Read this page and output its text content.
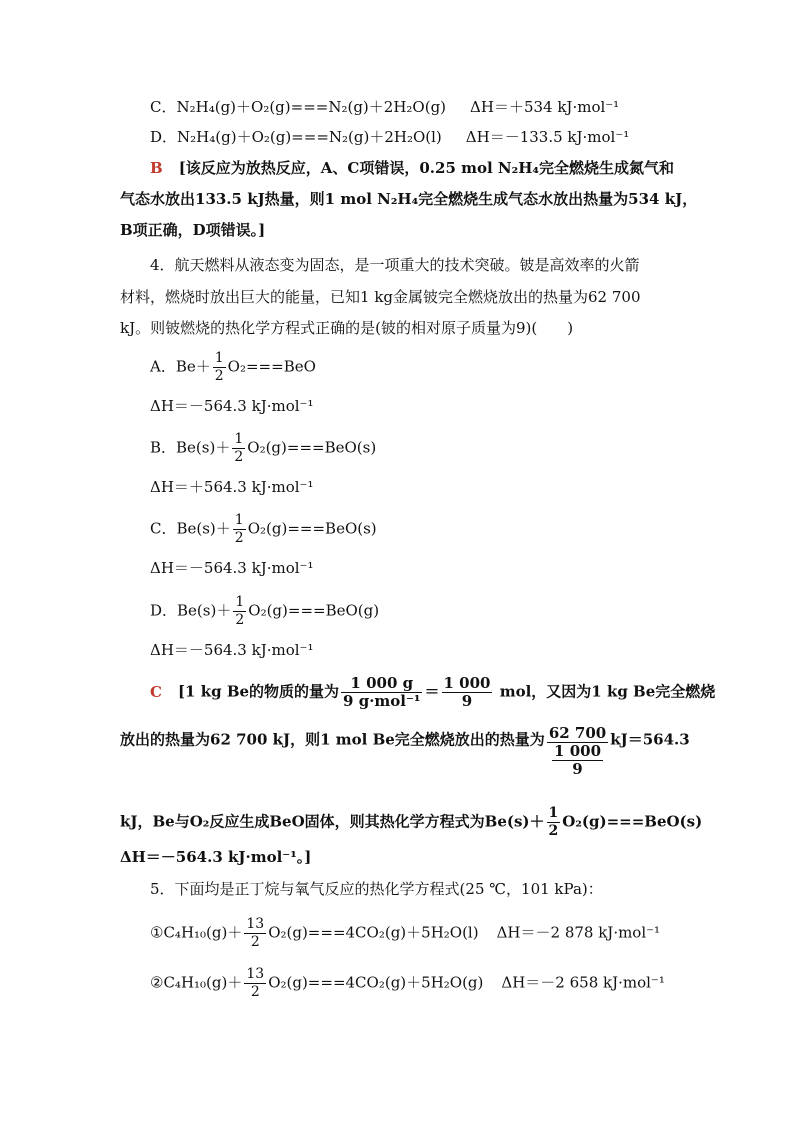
C．N₂H₄(g)＋O₂(g)===N₂(g)＋2H₂O(g) ΔH＝＋534 kJ·mol⁻¹
D．N₂H₄(g)＋O₂(g)===N₂(g)＋2H₂O(l) ΔH＝－133.5 kJ·mol⁻¹
B [该反应为放热反应，A、C项错误，0.25 mol N₂H₄完全燃烧生成氮气和
气态水放出133.5 kJ热量，则1 mol N₂H₄完全燃烧生成气态水放出热量为534 kJ，
B项正确，D项错误。]
4．航天燃料从液态变为固态，是一项重大的技术突破。铍是高效率的火箭
材料，燃烧时放出巨大的能量，已知1 kg金属铍完全燃烧放出的热量为62 700
kJ。则铍燃烧的热化学方程式正确的是(铍的相对原子质量为9)(　　)
A．$Be+ \frac{1}{2} O_2===BeO$
ΔH＝－564.3 kJ·mol⁻¹
B．$Be(s)+ \frac{1}{2} O_2(g)===BeO(s)$
ΔH＝＋564.3 kJ·mol⁻¹
C．$Be(s)+ \frac{1}{2} O_2(g)===BeO(s)$
ΔH＝－564.3 kJ·mol⁻¹
D．$Be(s)+ \frac{1}{2} O_2(g)===BeO(g)$
ΔH＝－564.3 kJ·mol⁻¹
C [1 kg Be的物质的量为 $\frac{1 000 g}{\text{9 g·mol⁻¹}} = \frac{1 000}{9}$ mol，又因为1 kg Be完全燃烧
放出的热量为62 700 kJ，则1 mol Be完全燃烧放出的热量为 $\frac{62 700}{\frac{1 000}{9}} kJ=564.3$
kJ，Be与O₂反应生成BeO固体，则其热化学方程式为$Be(s)+ \frac{1}{2} O_2(g)===BeO(s)$
ΔH＝－564.3 kJ·mol⁻¹。]
5．下面均是正丁烷与氧气反应的热化学方程式(25 ℃，101 kPa)：
①C₄H₁₀(g)＋ $\frac{13}{2} O_2(g)===4CO_2(g)+5H_2O(l)$ ΔH＝－2 878 kJ·mol⁻¹
②C₄H₁₀(g)＋ $\frac{13}{2} O_2(g)===4CO_2(g)+5H_2O(g)$ ΔH＝－2 658 kJ·mol⁻¹
